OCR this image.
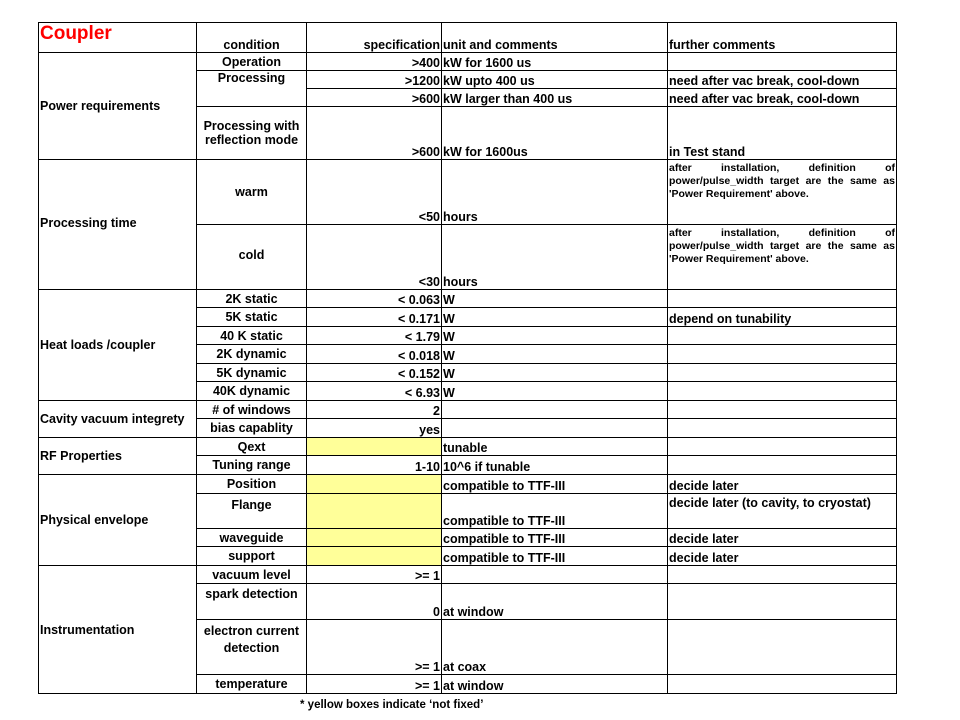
Coupler	condition	specification	unit and comments	further comments
Power requirements	Operation	>400	kW for 1600 us	
	Processing	>1200	kW upto 400 us	need after vac break, cool-down
		>600	kW larger than 400 us	need after vac break, cool-down
	Processing with reflection mode	>600	kW for 1600us	in Test stand
Processing time	warm	<50	hours	after installation, definition of power/pulse_width target are the same as 'Power Requirement' above.
	cold	<30	hours	after installation, definition of power/pulse_width target are the same as 'Power Requirement' above.
Heat loads /coupler	2K static	< 0.063	W	
	5K static	< 0.171	W	depend on tunability
	40 K static	< 1.79	W	
	2K dynamic	< 0.018	W	
	5K dynamic	< 0.152	W	
	40K dynamic	< 6.93	W	
Cavity vacuum integrety	# of windows	2		
	bias capablity	yes		
RF Properties	Qext		tunable	
	Tuning range	1-10	10^6 if tunable	
Physical envelope	Position		compatible to TTF-III	decide later
	Flange		compatible to TTF-III	decide later (to cavity, to cryostat)
	waveguide		compatible to TTF-III	decide later
	support		compatible to TTF-III	decide later
Instrumentation	vacuum level	>= 1		
	spark detection	0	at window	
	electron current detection	>= 1	at coax	
	temperature	>= 1	at window	
* yellow boxes indicate ‘not fixed’
